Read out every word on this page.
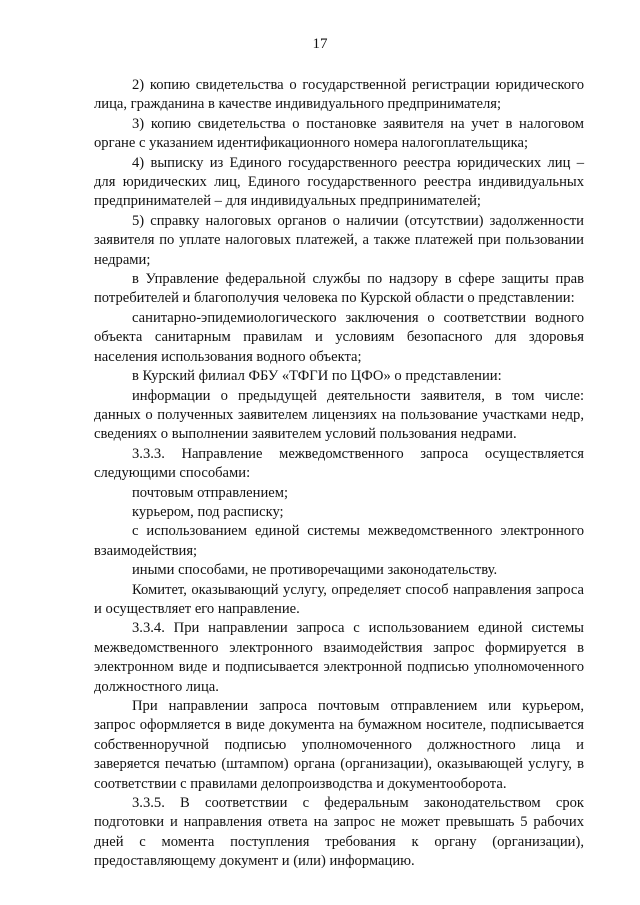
17

2) копию свидетельства о государственной регистрации юридического лица, гражданина в качестве индивидуального предпринимателя;

3) копию свидетельства о постановке заявителя на учет в налоговом органе с указанием идентификационного номера налогоплательщика;

4) выписку из Единого государственного реестра юридических лиц – для юридических лиц, Единого государственного реестра индивидуальных предпринимателей – для индивидуальных предпринимателей;

5) справку налоговых органов о наличии (отсутствии) задолженности заявителя по уплате налоговых платежей, а также платежей при пользовании недрами;

в Управление федеральной службы по надзору в сфере защиты прав потребителей и благополучия человека по Курской области о представлении:

санитарно-эпидемиологического заключения о соответствии водного объекта санитарным правилам и условиям безопасного для здоровья населения использования водного объекта;

в Курский филиал ФБУ «ТФГИ по ЦФО» о представлении:

информации о предыдущей деятельности заявителя, в том числе: данных о полученных заявителем лицензиях на пользование участками недр, сведениях о выполнении заявителем условий пользования недрами.

3.3.3. Направление межведомственного запроса осуществляется следующими способами:

почтовым отправлением;

курьером, под расписку;

с использованием единой системы межведомственного электронного взаимодействия;

иными способами, не противоречащими законодательству.

Комитет, оказывающий услугу, определяет способ направления запроса и осуществляет его направление.

3.3.4. При направлении запроса с использованием единой системы межведомственного электронного взаимодействия запрос формируется в электронном виде и подписывается электронной подписью уполномоченного должностного лица.

При направлении запроса почтовым отправлением или курьером, запрос оформляется в виде документа на бумажном носителе, подписывается собственноручной подписью уполномоченного должностного лица и заверяется печатью (штампом) органа (организации), оказывающей услугу, в соответствии с правилами делопроизводства и документооборота.

3.3.5. В соответствии с федеральным законодательством срок подготовки и направления ответа на запрос не может превышать 5 рабочих дней с момента поступления требования к органу (организации), предоставляющему документ и (или) информацию.
